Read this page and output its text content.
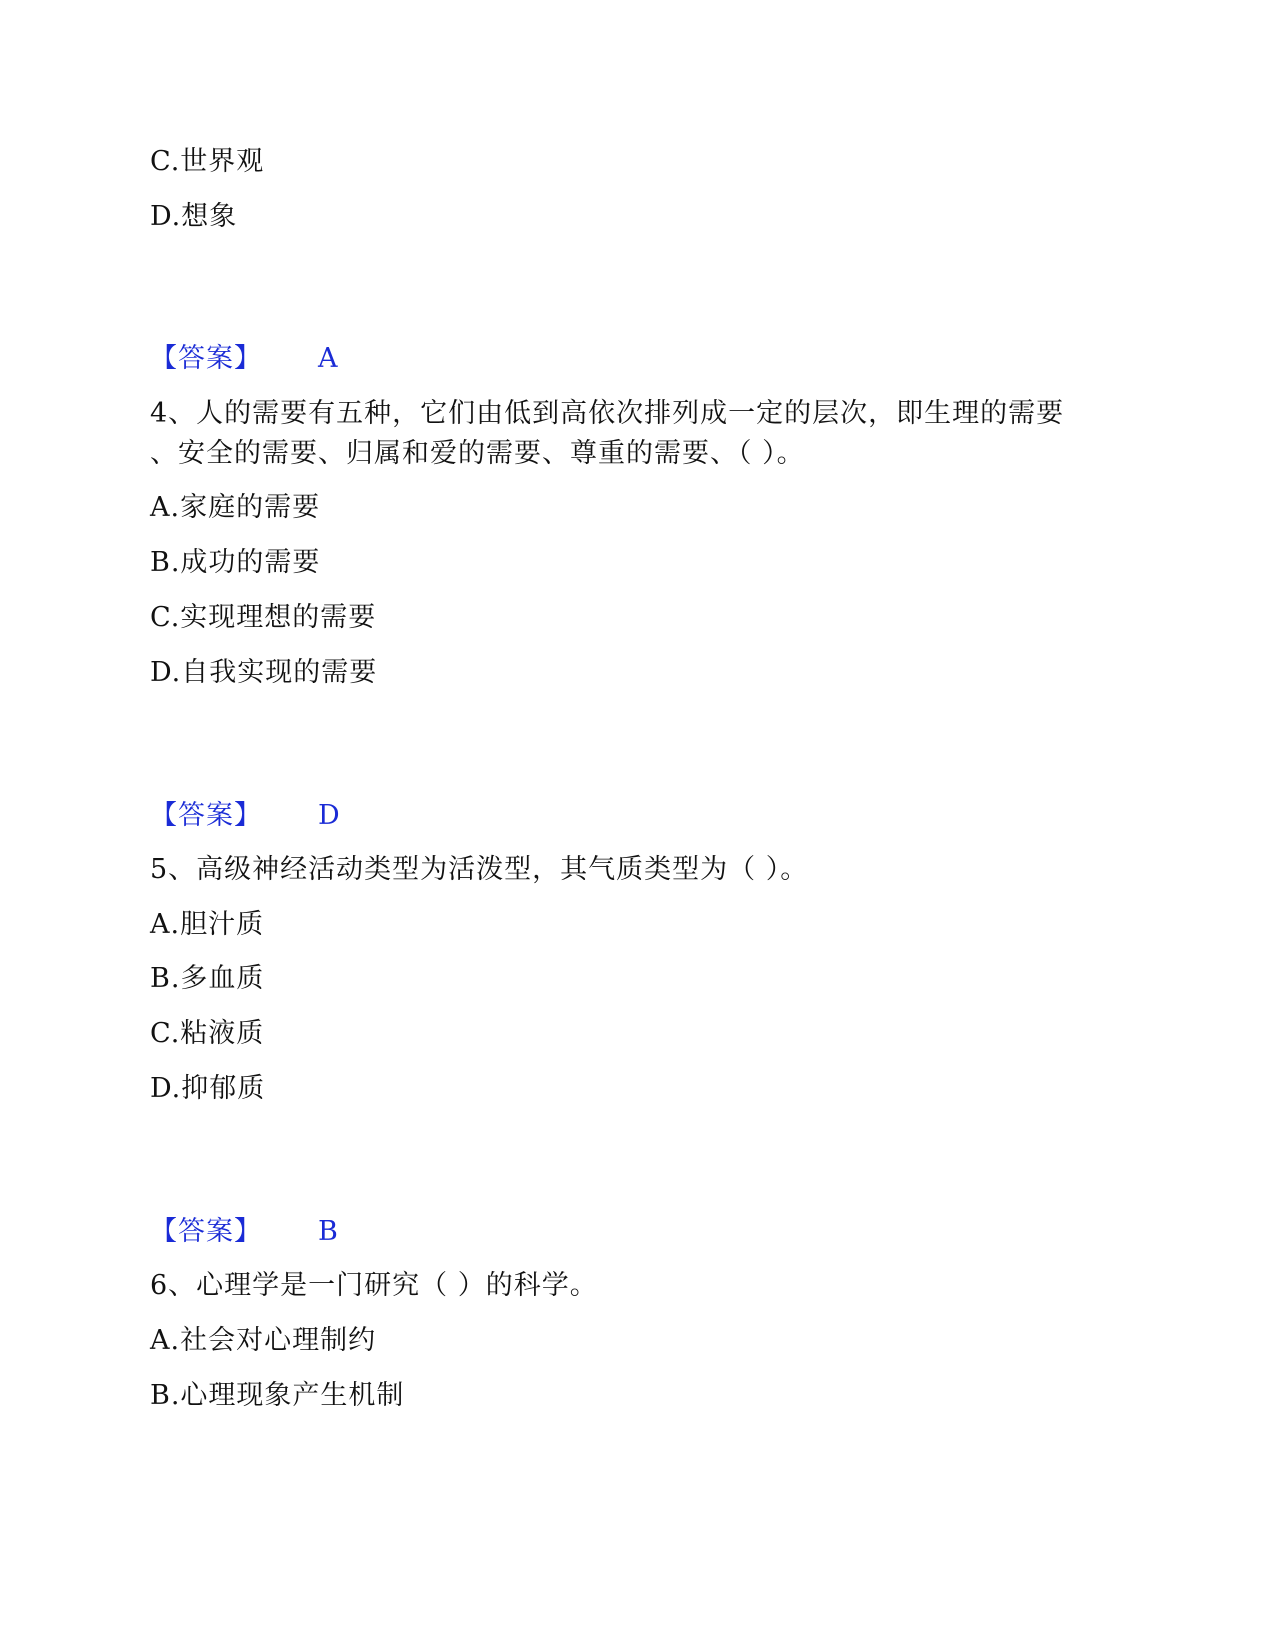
C.世界观
D.想象
【答案】 A
4、人的需要有五种，它们由低到高依次排列成一定的层次，即生理的需要
、安全的需要、归属和爱的需要、尊重的需要、（ ）。
A.家庭的需要
B.成功的需要
C.实现理想的需要
D.自我实现的需要
【答案】 D
5、高级神经活动类型为活泼型，其气质类型为（ ）。
A.胆汁质
B.多血质
C.粘液质
D.抑郁质
【答案】 B
6、心理学是一门研究（ ）的科学。
A.社会对心理制约
B.心理现象产生机制
